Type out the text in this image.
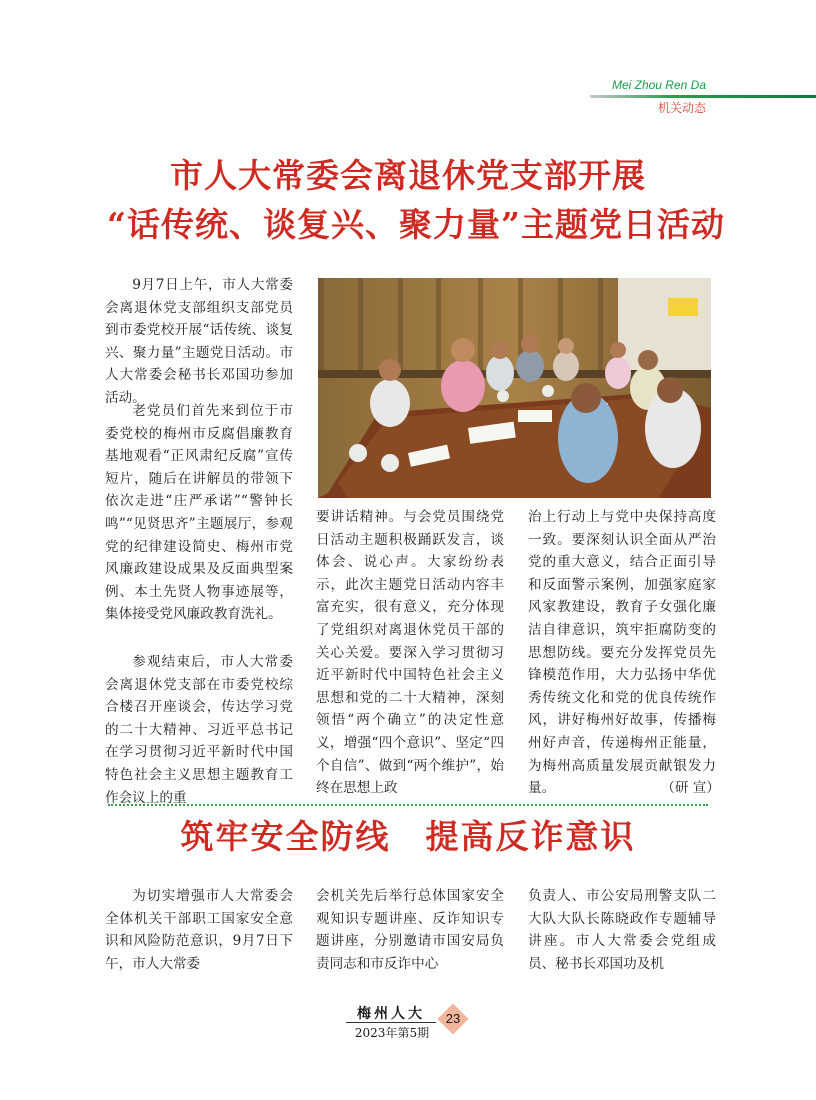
Mei Zhou Ren Da
机关动态
市人大常委会离退休党支部开展
“话传统、谈复兴、聚力量”主题党日活动

9月7日上午，市人大常委会离退休党支部组织支部党员到市委党校开展“话传统、谈复兴、聚力量”主题党日活动。市人大常委会秘书长邓国功参加活动。

老党员们首先来到位于市委党校的梅州市反腐倡廉教育基地观看“正风肃纪反腐”宣传短片，随后在讲解员的带领下依次走进“庄严承诺”“警钟长鸣”“见贤思齐”主题展厅，参观党的纪律建设简史、梅州市党风廉政建设成果及反面典型案例、本土先贤人物事迹展等，集体接受党风廉政教育洗礼。

参观结束后，市人大常委会离退休党支部在市委党校综合楼召开座谈会，传达学习党的二十大精神、习近平总书记在学习贯彻习近平新时代中国特色社会主义思想主题教育工作会议上的重

要讲话精神。与会党员围绕党日活动主题积极踊跃发言，谈体会、说心声。大家纷纷表示，此次主题党日活动内容丰富充实，很有意义，充分体现了党组织对离退休党员干部的关心关爱。要深入学习贯彻习近平新时代中国特色社会主义思想和党的二十大精神，深刻领悟“两个确立”的决定性意义，增强“四个意识”、坚定“四个自信”、做到“两个维护”，始终在思想上政

治上行动上与党中央保持高度一致。要深刻认识全面从严治党的重大意义，结合正面引导和反面警示案例，加强家庭家风家教建设，教育子女强化廉洁自律意识，筑牢拒腐防变的思想防线。要充分发挥党员先锋模范作用，大力弘扬中华优秀传统文化和党的优良传统作风，讲好梅州好故事，传播梅州好声音，传递梅州正能量，为梅州高质量发展贡献银发力量。	（研 宣）
筑牢安全防线　提高反诈意识

为切实增强市人大常委会全体机关干部职工国家安全意识和风险防范意识，9月7日下午，市人大常委

会机关先后举行总体国家安全观知识专题讲座、反诈知识专题讲座，分别邀请市国安局负责同志和市反诈中心

负责人、市公安局刑警支队二大队大队长陈晓政作专题辅导讲座。市人大常委会党组成员、秘书长邓国功及机

梅州人大
2023年第5期
23
